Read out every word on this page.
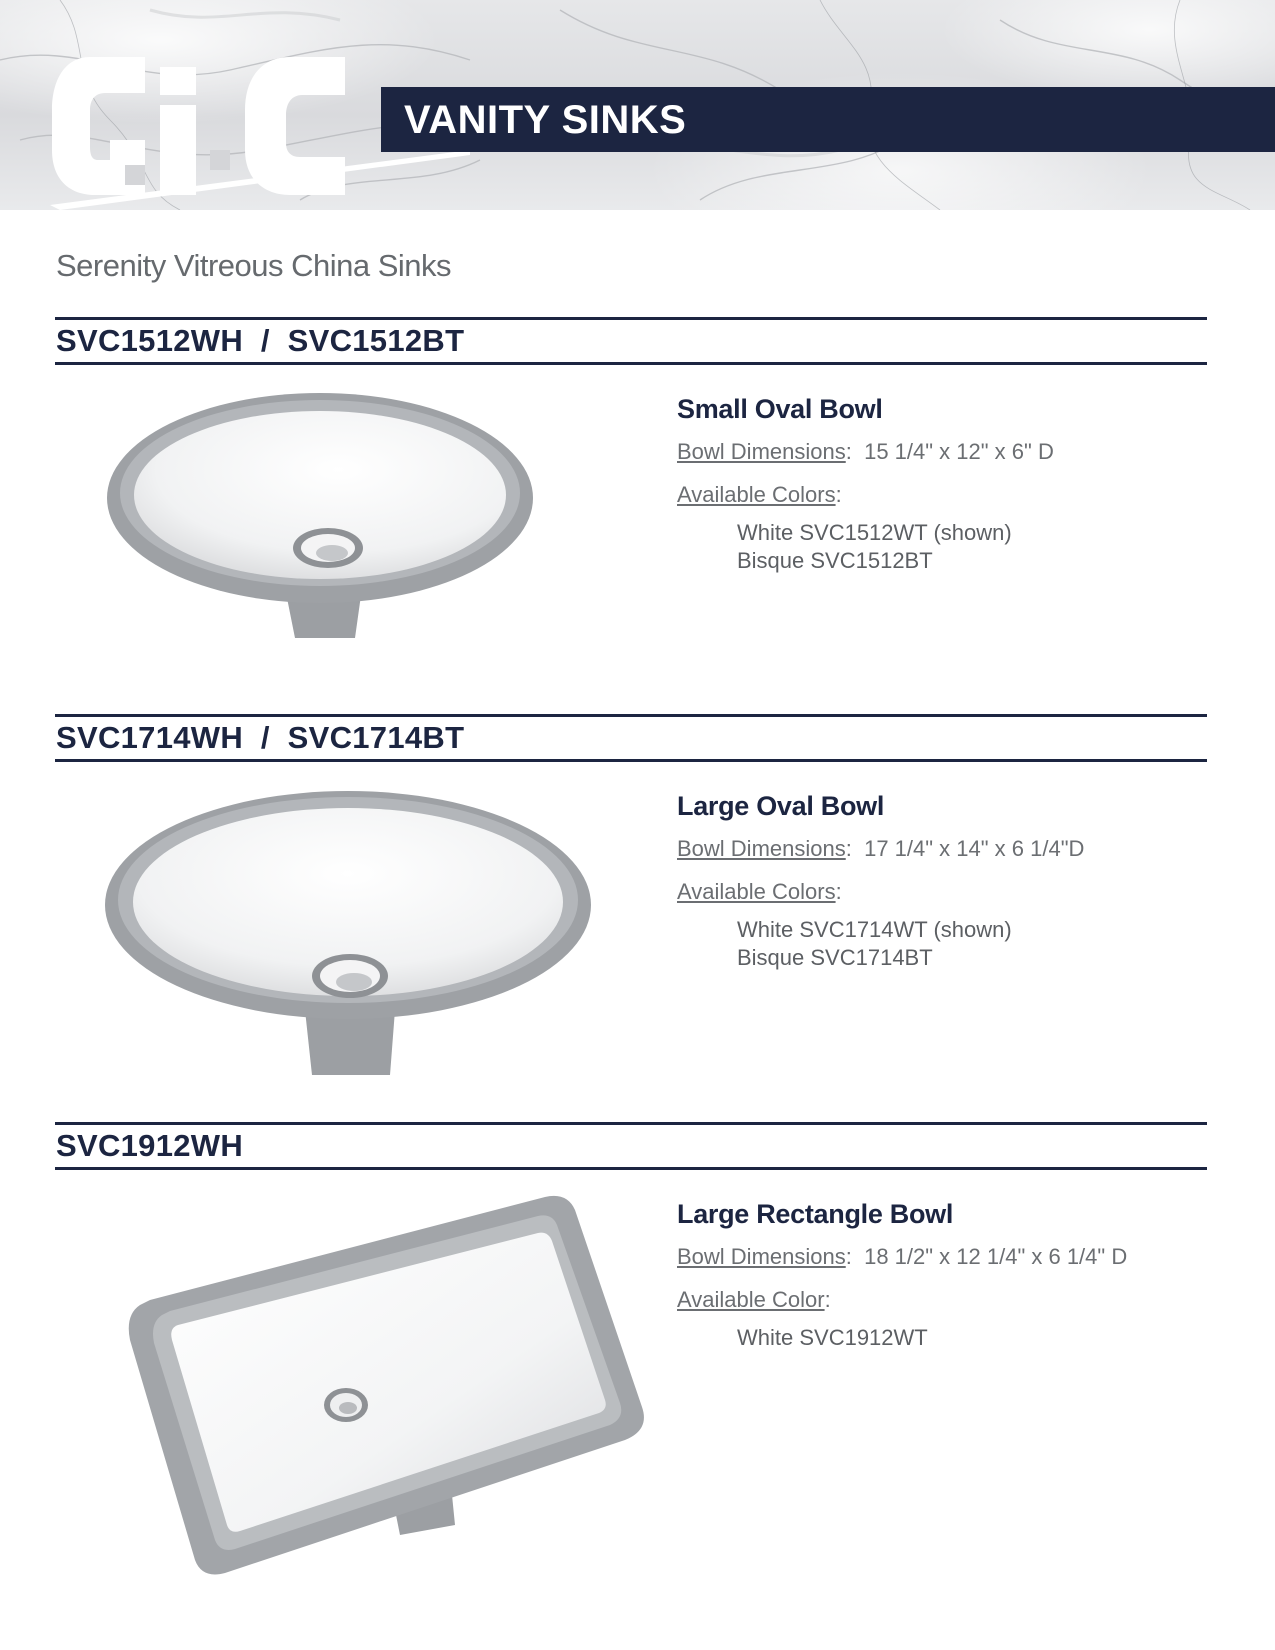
VANITY SINKS
Serenity Vitreous China Sinks
SVC1512WH  /  SVC1512BT
Small Oval Bowl
Bowl Dimensions:  15 1/4" x 12" x 6" D
Available Colors:
White SVC1512WT (shown)
Bisque SVC1512BT
SVC1714WH  /  SVC1714BT
Large Oval Bowl
Bowl Dimensions:  17 1/4" x 14" x 6 1/4"D
Available Colors:
White SVC1714WT (shown)
Bisque SVC1714BT
SVC1912WH
Large Rectangle Bowl
Bowl Dimensions:  18 1/2" x 12 1/4" x 6 1/4" D
Available Color:
White SVC1912WT
